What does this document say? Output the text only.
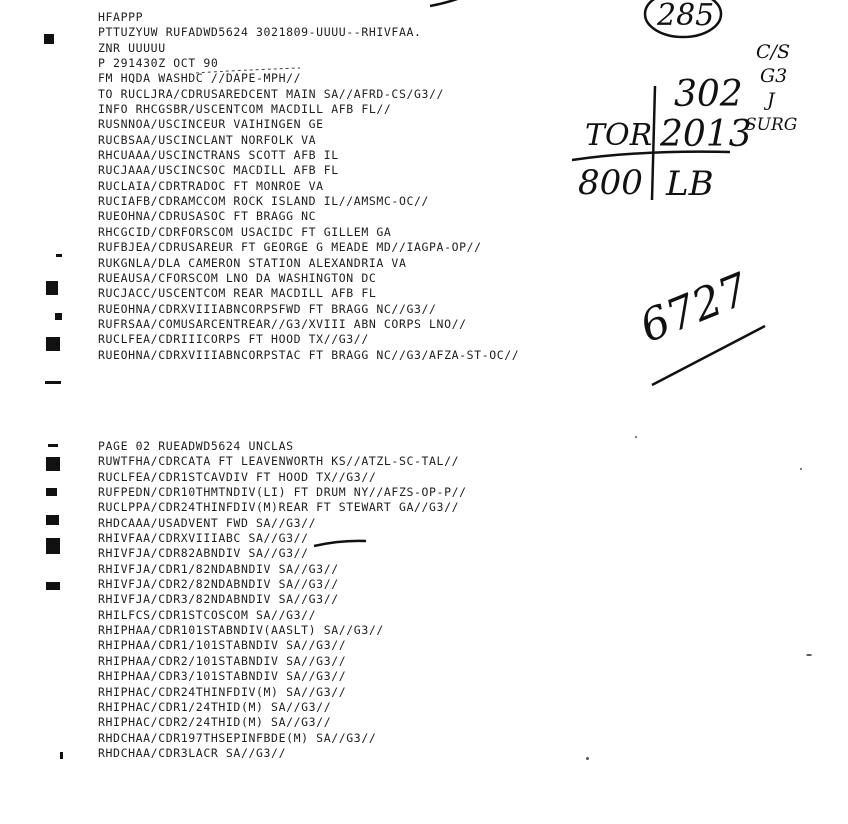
HFAPPP
PTTUZYUW RUFADWD5624 3021809-UUUU--RHIVFAA.
ZNR UUUUU
P 291430Z OCT 90
FM HQDA WASHDC //DAPE-MPH//
TO RUCLJRA/CDRUSAREDCENT MAIN SA//AFRD-CS/G3//
INFO RHCGSBR/USCENTCOM MACDILL AFB FL//
RUSNNOA/USCINCEUR VAIHINGEN GE
RUCBSAA/USCINCLANT NORFOLK VA
RHCUAAA/USCINCTRANS SCOTT AFB IL
RUCJAAA/USCINCSOC MACDILL AFB FL
RUCLAIA/CDRTRADOC FT MONROE VA
RUCIAFB/CDRAMCCOM ROCK ISLAND IL//AMSMC-OC//
RUEOHNA/CDRUSASOC FT BRAGG NC
RHCGCID/CDRFORSCOM USACIDC FT GILLEM GA
RUFBJEA/CDRUSAREUR FT GEORGE G MEADE MD//IAGPA-OP//
RUKGNLA/DLA CAMERON STATION ALEXANDRIA VA
RUEAUSA/CFORSCOM LNO DA WASHINGTON DC
RUCJACC/USCENTCOM REAR MACDILL AFB FL
RUEOHNA/CDRXVIIIABNCORPSFWD FT BRAGG NC//G3//
RUFRSAA/COMUSARCENTREAR//G3/XVIII ABN CORPS LNO//
RUCLFEA/CDRIIICORPS FT HOOD TX//G3//
RUEOHNA/CDRXVIIIABNCORPSTAC FT BRAGG NC//G3/AFZA-ST-OC//
PAGE 02 RUEADWD5624 UNCLAS
RUWTFHA/CDRCATA FT LEAVENWORTH KS//ATZL-SC-TAL//
RUCLFEA/CDR1STCAVDIV FT HOOD TX//G3//
RUFPEDN/CDR10THMTNDIV(LI) FT DRUM NY//AFZS-OP-P//
RUCLPPA/CDR24THINFDIV(M)REAR FT STEWART GA//G3//
RHDCAAA/USADVENT FWD SA//G3//
RHIVFAA/CDRXVIIIABC SA//G3//
RHIVFJA/CDR82ABNDIV SA//G3//
RHIVFJA/CDR1/82NDABNDIV SA//G3//
RHIVFJA/CDR2/82NDABNDIV SA//G3//
RHIVFJA/CDR3/82NDABNDIV SA//G3//
RHILFCS/CDR1STCOSCOM SA//G3//
RHIPHAA/CDR101STABNDIV(AASLT) SA//G3//
RHIPHAA/CDR1/101STABNDIV SA//G3//
RHIPHAA/CDR2/101STABNDIV SA//G3//
RHIPHAA/CDR3/101STABNDIV SA//G3//
RHIPHAC/CDR24THINFDIV(M) SA//G3//
RHIPHAC/CDR1/24THID(M) SA//G3//
RHIPHAC/CDR2/24THID(M) SA//G3//
RHDCHAA/CDR197THSEPINFBDE(M) SA//G3//
RHDCHAA/CDR3LACR SA//G3//
285
302
2013
TOR
800 LB
C/S
G3
J
SURG
6727
